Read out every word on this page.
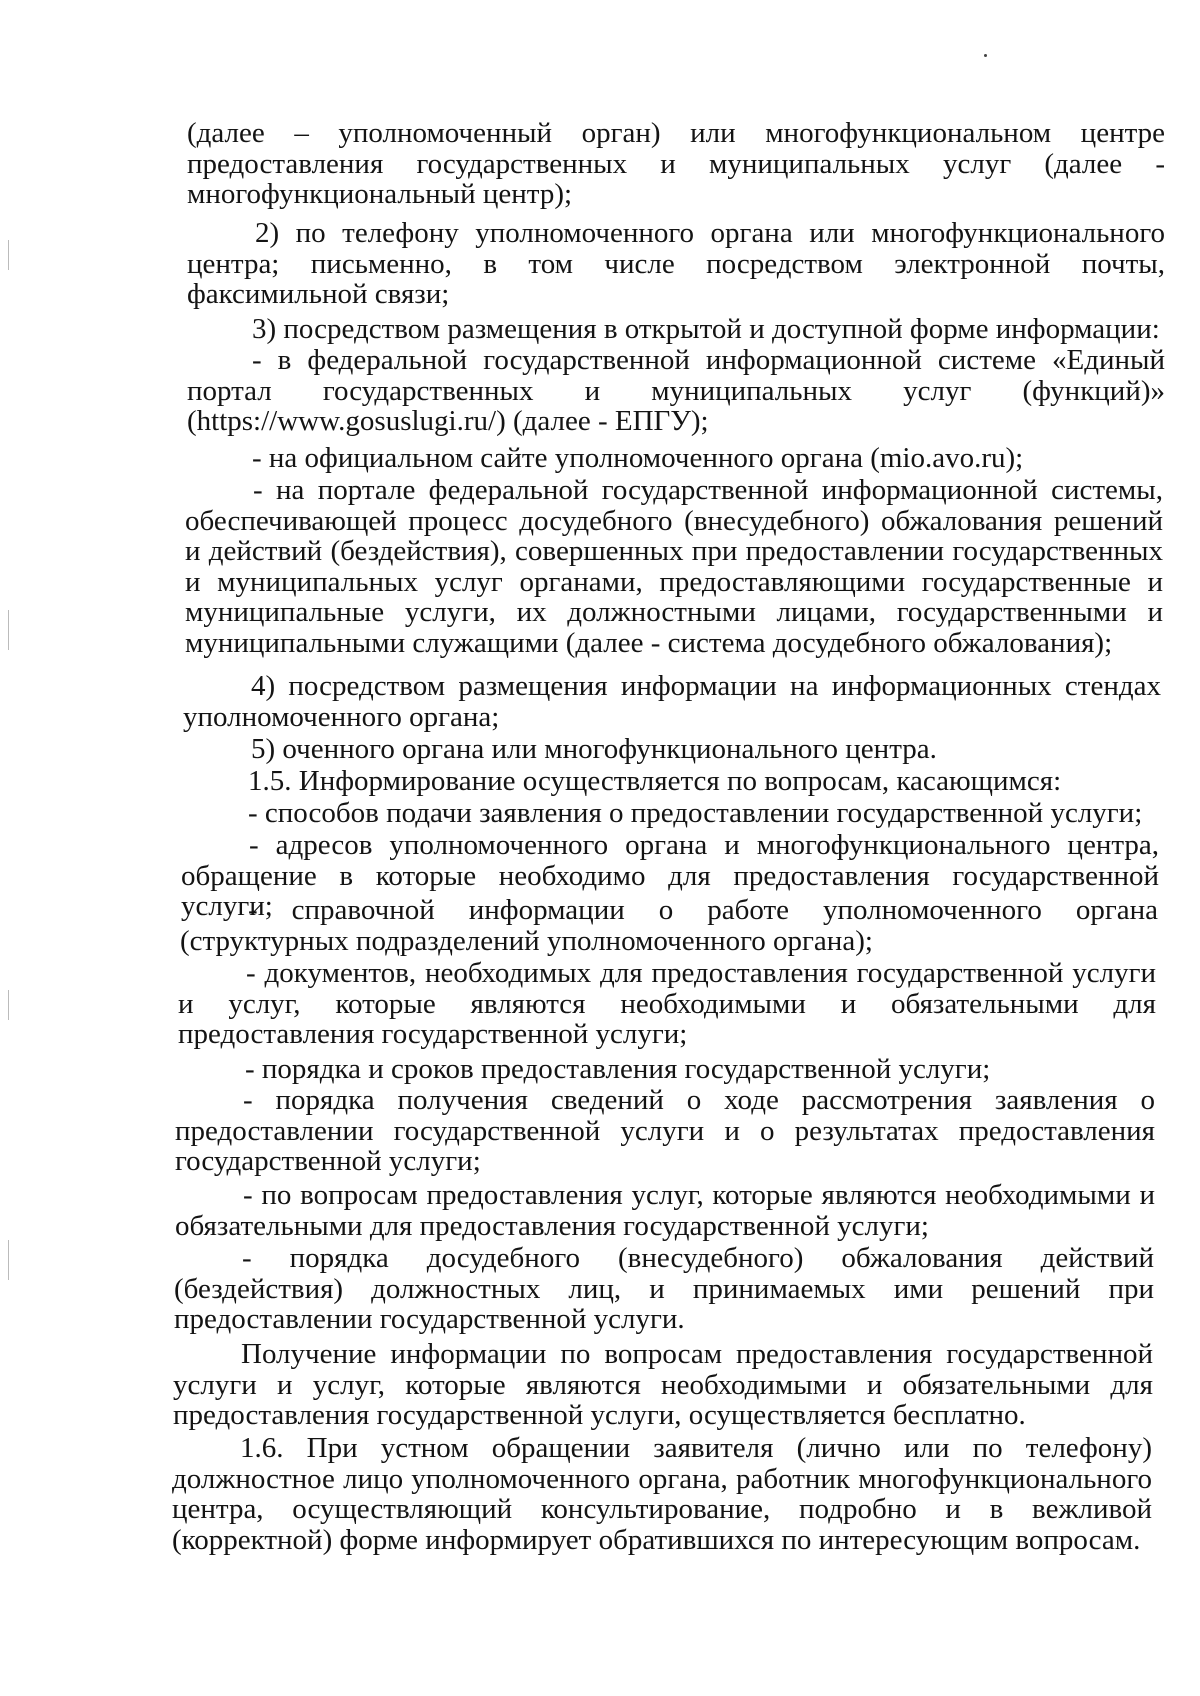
(далее – уполномоченный орган) или многофункциональном центре предоставления государственных и муниципальных услуг (далее - многофункциональный центр);
2) по телефону уполномоченного органа или многофункционального центра; письменно, в том числе посредством электронной почты, факсимильной связи;
3) посредством размещения в открытой и доступной форме информации:
- в федеральной государственной информационной системе «Единый портал государственных и муниципальных услуг (функций)» (https://www.gosuslugi.ru/) (далее - ЕПГУ);
- на официальном сайте уполномоченного органа (mio.avo.ru);
- на портале федеральной государственной информационной системы, обеспечивающей процесс досудебного (внесудебного) обжалования решений и действий (бездействия), совершенных при предоставлении государственных и муниципальных услуг органами, предоставляющими государственные и муниципальные услуги, их должностными лицами, государственными и муниципальными служащими (далее - система досудебного обжалования);
4) посредством размещения информации на информационных стендах уполномоченного органа;
5) оченного органа или многофункционального центра.
1.5. Информирование осуществляется по вопросам, касающимся:
- способов подачи заявления о предоставлении государственной услуги;
- адресов уполномоченного органа и многофункционального центра, обращение в которые необходимо для предоставления государственной услуги;
- справочной информации о работе уполномоченного органа (структурных подразделений уполномоченного органа);
- документов, необходимых для предоставления государственной услуги и услуг, которые являются необходимыми и обязательными для предоставления государственной услуги;
- порядка и сроков предоставления государственной услуги;
- порядка получения сведений о ходе рассмотрения заявления о предоставлении государственной услуги и о результатах предоставления государственной услуги;
- по вопросам предоставления услуг, которые являются необходимыми и обязательными для предоставления государственной услуги;
- порядка досудебного (внесудебного) обжалования действий (бездействия) должностных лиц, и принимаемых ими решений при предоставлении государственной услуги.
Получение информации по вопросам предоставления государственной услуги и услуг, которые являются необходимыми и обязательными для предоставления государственной услуги, осуществляется бесплатно.
1.6. При устном обращении заявителя (лично или по телефону) должностное лицо уполномоченного органа, работник многофункционального центра, осуществляющий консультирование, подробно и в вежливой (корректной) форме информирует обратившихся по интересующим вопросам.
